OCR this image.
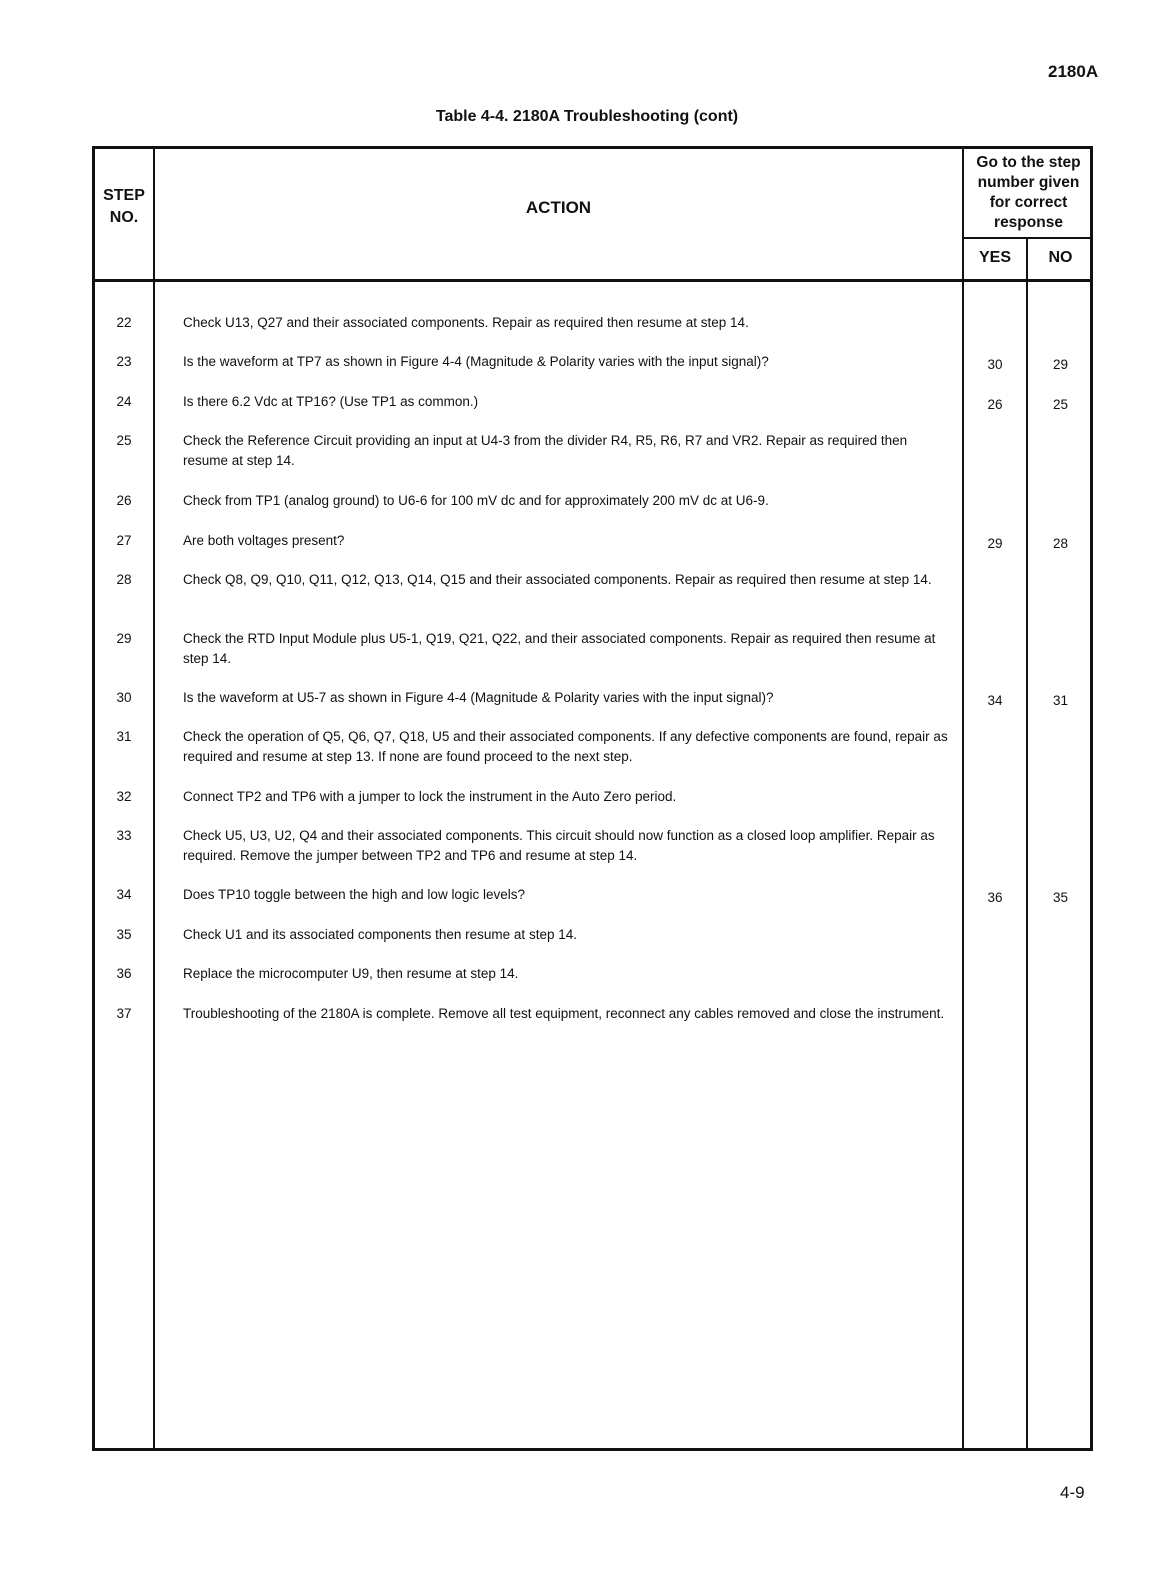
2180A
Table 4-4. 2180A Troubleshooting (cont)
STEP
NO.
ACTION
Go to the step
number given
for correct
response
YES	NO
22	Check U13, Q27 and their associated components. Repair as required then resume at step 14.
23	Is the waveform at TP7 as shown in Figure 4-4 (Magnitude & Polarity varies with the input signal)?	30	29
24	Is there 6.2 Vdc at TP16? (Use TP1 as common.)	26	25
25	Check the Reference Circuit providing an input at U4-3 from the divider R4, R5, R6, R7 and VR2. Repair as required then resume at step 14.
26	Check from TP1 (analog ground) to U6-6 for 100 mV dc and for approximately 200 mV dc at U6-9.
27	Are both voltages present?	29	28
28	Check Q8, Q9, Q10, Q11, Q12, Q13, Q14, Q15 and their associated components. Repair as required then resume at step 14.
29	Check the RTD Input Module plus U5-1, Q19, Q21, Q22, and their associated components. Repair as required then resume at step 14.
30	Is the waveform at U5-7 as shown in Figure 4-4 (Magnitude & Polarity varies with the input signal)?	34	31
31	Check the operation of Q5, Q6, Q7, Q18, U5 and their associated components. If any defective components are found, repair as required and resume at step 13. If none are found proceed to the next step.
32	Connect TP2 and TP6 with a jumper to lock the instrument in the Auto Zero period.
33	Check U5, U3, U2, Q4 and their associated components. This circuit should now function as a closed loop amplifier. Repair as required. Remove the jumper between TP2 and TP6 and resume at step 14.
34	Does TP10 toggle between the high and low logic levels?	36	35
35	Check U1 and its associated components then resume at step 14.
36	Replace the microcomputer U9, then resume at step 14.
37	Troubleshooting of the 2180A is complete. Remove all test equipment, reconnect any cables removed and close the instrument.
4-9
